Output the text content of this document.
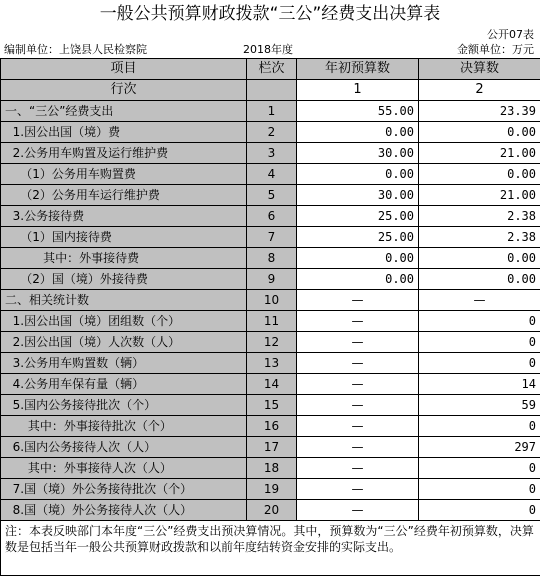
一般公共预算财政拨款“三公”经费支出决算表
公开07表
编制单位：上饶县人民检察院	2018年度	金额单位：万元
项目	栏次	年初预算数	决算数
行次		1	2
一、“三公”经费支出	1	55.00	23.39
1.因公出国（境）费	2	0.00	0.00
2.公务用车购置及运行维护费	3	30.00	21.00
（1）公务用车购置费	4	0.00	0.00
（2）公务用车运行维护费	5	30.00	21.00
3.公务接待费	6	25.00	2.38
（1）国内接待费	7	25.00	2.38
其中：外事接待费	8	0.00	0.00
（2）国（境）外接待费	9	0.00	0.00
二、相关统计数	10	—	—
1.因公出国（境）团组数（个）	11	—	0
2.因公出国（境）人次数（人）	12	—	0
3.公务用车购置数（辆）	13	—	0
4.公务用车保有量（辆）	14	—	14
5.国内公务接待批次（个）	15	—	59
其中：外事接待批次（个）	16	—	0
6.国内公务接待人次（人）	17	—	297
其中：外事接待人次（人）	18	—	0
7.国（境）外公务接待批次（个）	19	—	0
8.国（境）外公务接待人次（人）	20	—	0
注：本表反映部门本年度“三公”经费支出预决算情况。其中，预算数为“三公”经费年初预算数，决算数是包括当年一般公共预算财政拨款和以前年度结转资金安排的实际支出。			
